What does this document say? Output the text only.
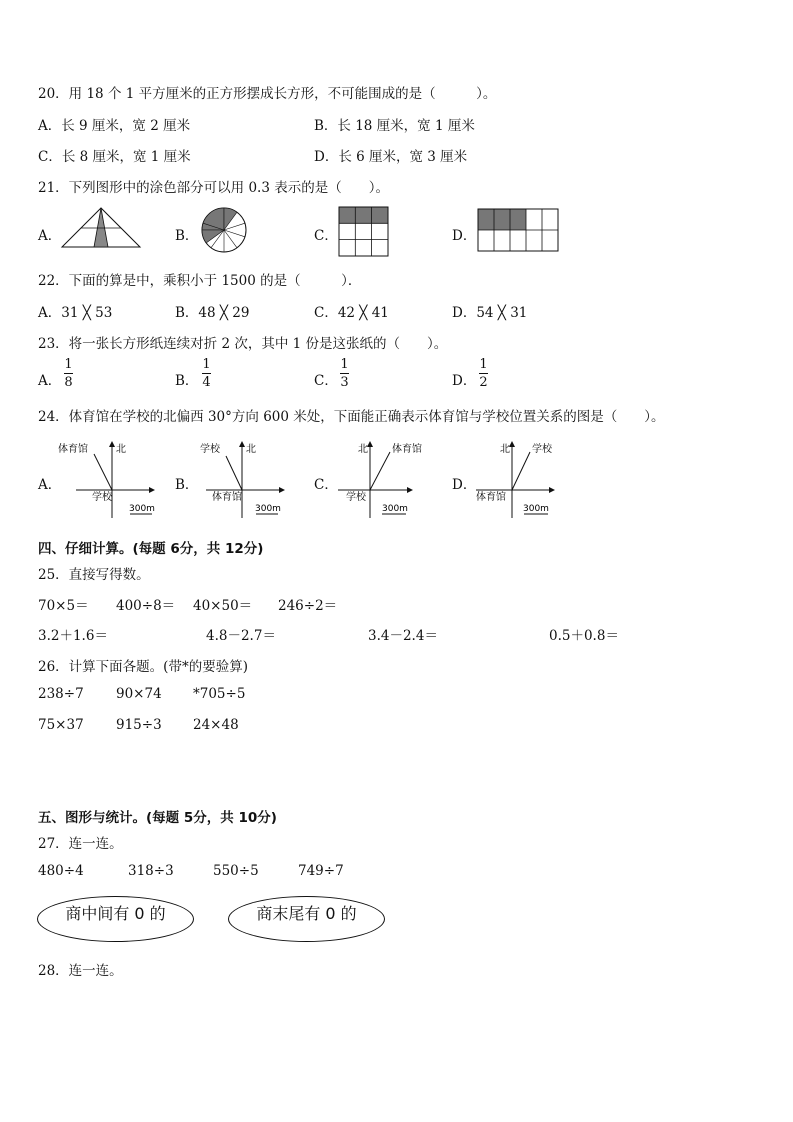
20．用 18 个 1 平方厘米的正方形摆成长方形，不可能围成的是（　　　）。
A．长 9 厘米，宽 2 厘米	B．长 18 厘米，宽 1 厘米
C．长 8 厘米，宽 1 厘米	D．长 6 厘米，宽 3 厘米
21．下列图形中的涂色部分可以用 0.3 表示的是（　　）。
A．	B．	C．	D．
22．下面的算是中，乘积小于 1500 的是（　　　）．
A．31 ╳ 53	B．48 ╳ 29	C．42 ╳ 41	D．54 ╳ 31
23．将一张长方形纸连续对折 2 次，其中 1 份是这张纸的（　　）。
A．
1
8	B．
1
4	C．
1
3	D．
1
2
24．体育馆在学校的北偏西 30°方向 600 米处，下面能正确表示体育馆与学校位置关系的图是（　　）。
A．
北
体育馆
学校
300m
B．
北
学校
体育馆
300m
C．
北 体育馆
学校
300m
D．
北 学校
体育馆
300m
四、仔细计算。(每题 6分，共 12分)
25．直接写得数。
70×5＝ 400÷8＝ 40×50＝ 246÷2＝
3.2＋1.6＝	4.8－2.7＝	3.4－2.4＝	0.5＋0.8＝
26．计算下面各题。(带*的要验算)
238÷7 90×74 *705÷5
75×37 915÷3 24×48
五、图形与统计。(每题 5分，共 10分)
27．连一连。
480÷4	318÷3	550÷5	749÷7
商中间有 0 的	商末尾有 0 的
28．连一连。
